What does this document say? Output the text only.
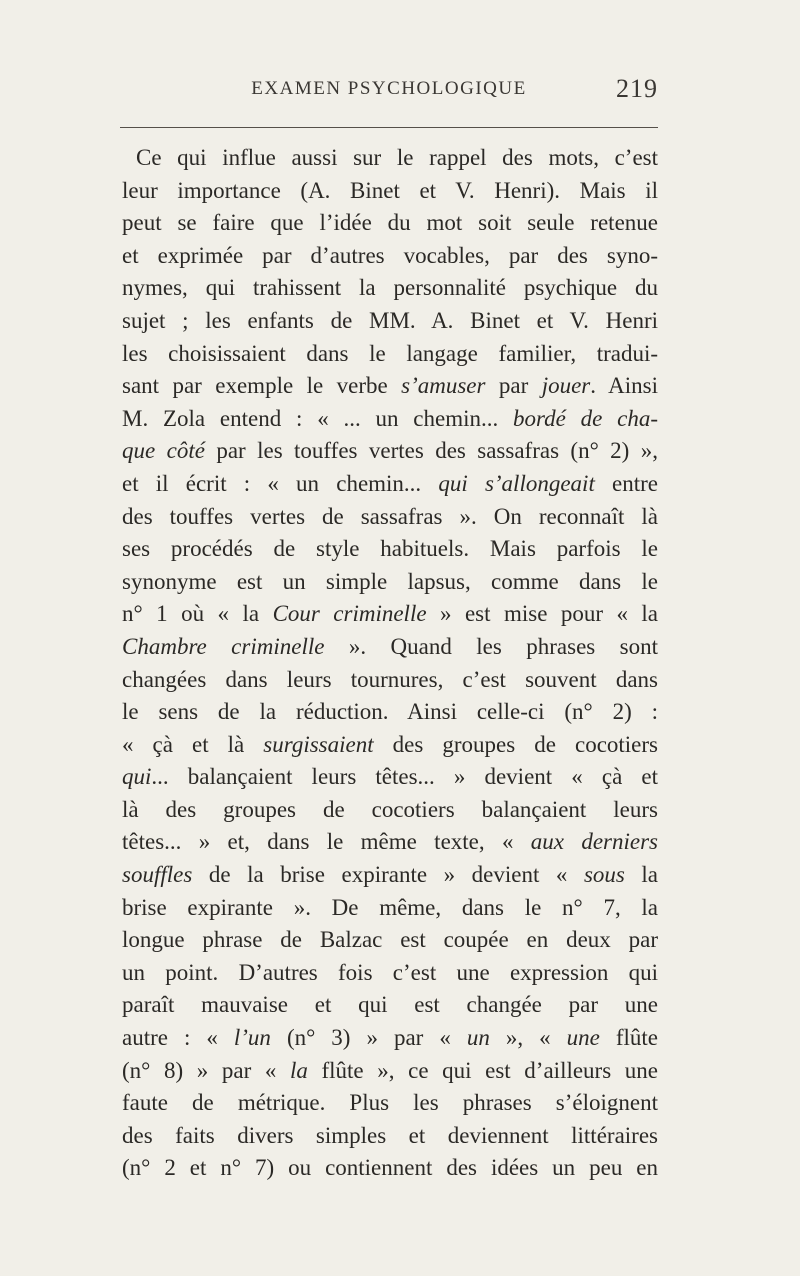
EXAMEN PSYCHOLOGIQUE	219
Ce qui influe aussi sur le rappel des mots, c’est
leur importance (A. Binet et V. Henri). Mais il
peut se faire que l’idée du mot soit seule retenue
et exprimée par d’autres vocables, par des syno-
nymes, qui trahissent la personnalité psychique du
sujet ; les enfants de MM. A. Binet et V. Henri
les choisissaient dans le langage familier, tradui-
sant par exemple le verbe s’amuser par jouer. Ainsi
M. Zola entend : « ... un chemin... bordé de cha-
que côté par les touffes vertes des sassafras (n° 2) »,
et il écrit : « un chemin... qui s’allongeait entre
des touffes vertes de sassafras ». On reconnaît là
ses procédés de style habituels. Mais parfois le
synonyme est un simple lapsus, comme dans le
n° 1 où « la Cour criminelle » est mise pour « la
Chambre criminelle ». Quand les phrases sont
changées dans leurs tournures, c’est souvent dans
le sens de la réduction. Ainsi celle-ci (n° 2) :
« çà et là surgissaient des groupes de cocotiers
qui... balançaient leurs têtes... » devient « çà et
là des groupes de cocotiers balançaient leurs
têtes... » et, dans le même texte, « aux derniers
souffles de la brise expirante » devient « sous la
brise expirante ». De même, dans le n° 7, la
longue phrase de Balzac est coupée en deux par
un point. D’autres fois c’est une expression qui
paraît mauvaise et qui est changée par une
autre : « l’un (n° 3) » par « un », « une flûte
(n° 8) » par « la flûte », ce qui est d’ailleurs une
faute de métrique. Plus les phrases s’éloignent
des faits divers simples et deviennent littéraires
(n° 2 et n° 7) ou contiennent des idées un peu en
